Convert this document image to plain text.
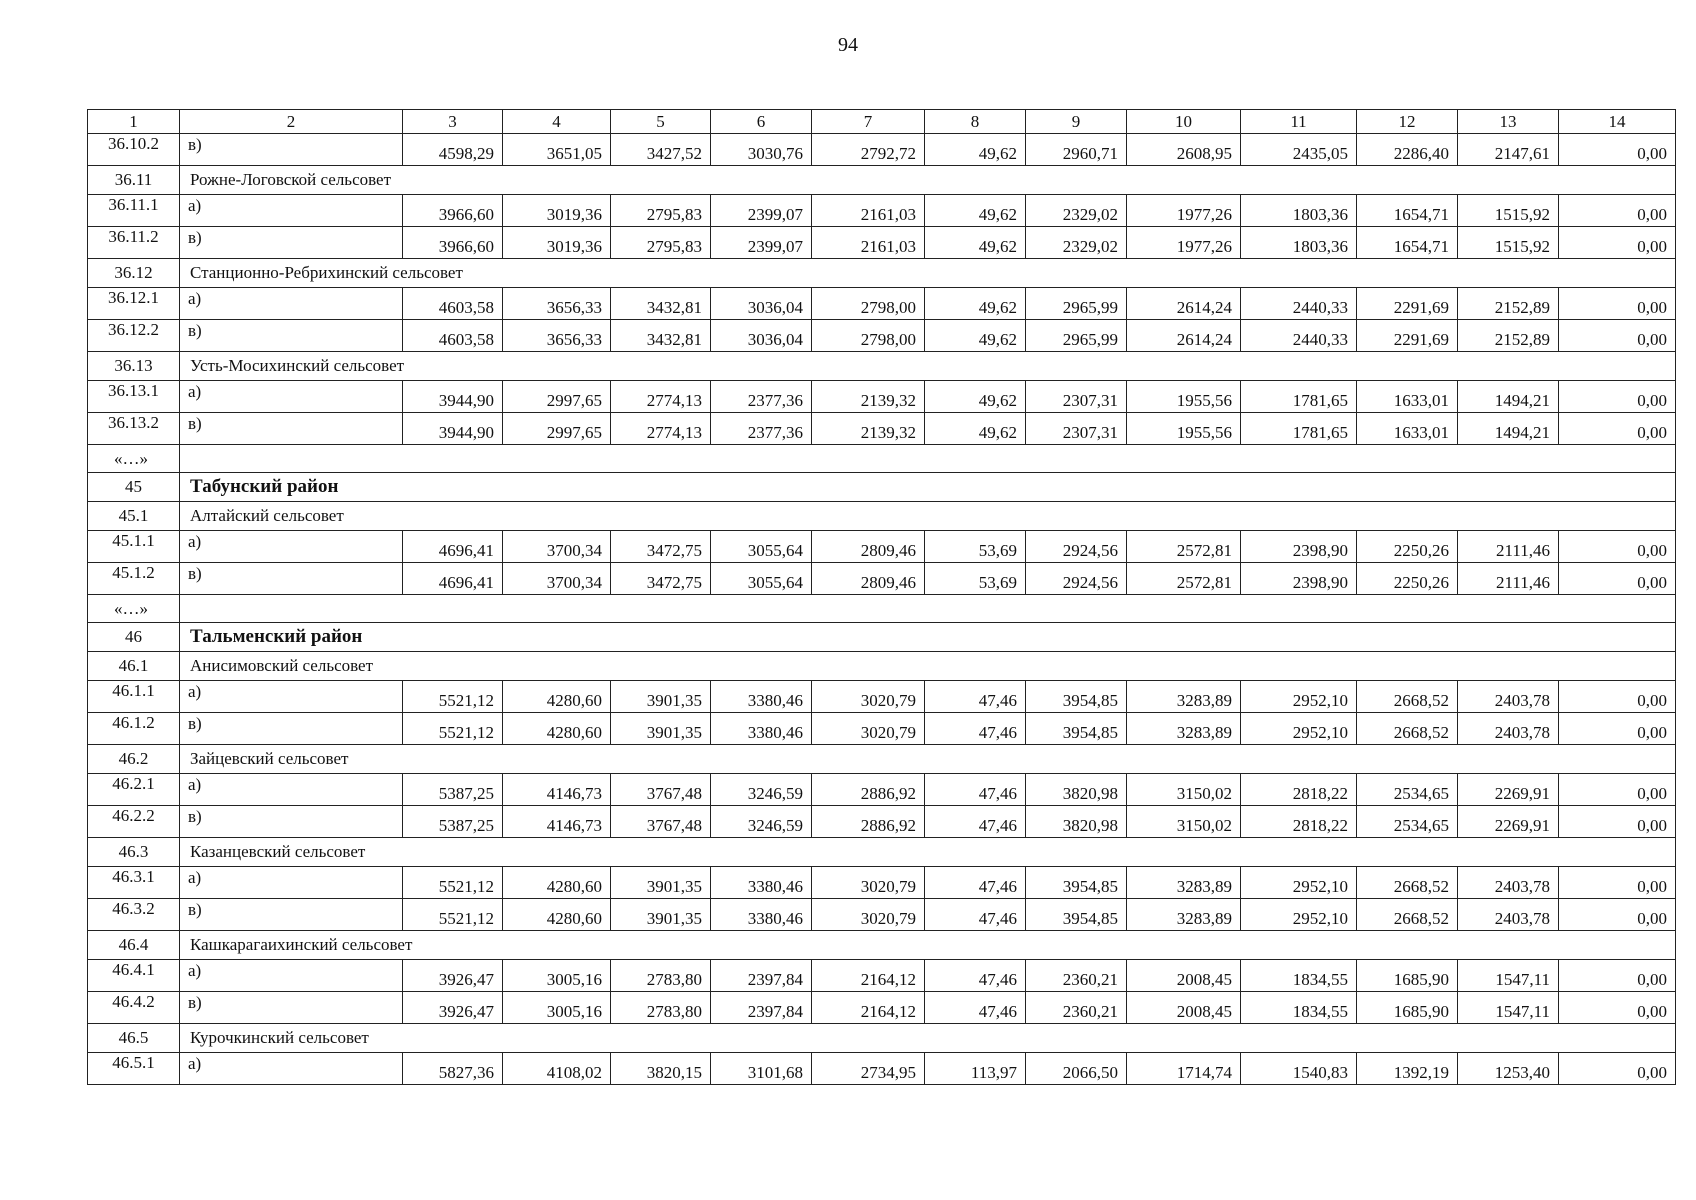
94
1	2	3	4	5	6	7	8	9	10	11	12	13	14
36.10.2	в)	4598,29	3651,05	3427,52	3030,76	2792,72	49,62	2960,71	2608,95	2435,05	2286,40	2147,61	0,00
36.11	Рожне-Логовской сельсовет												
36.11.1	а)	3966,60	3019,36	2795,83	2399,07	2161,03	49,62	2329,02	1977,26	1803,36	1654,71	1515,92	0,00
36.11.2	в)	3966,60	3019,36	2795,83	2399,07	2161,03	49,62	2329,02	1977,26	1803,36	1654,71	1515,92	0,00
36.12	Станционно-Ребрихинский сельсовет												
36.12.1	а)	4603,58	3656,33	3432,81	3036,04	2798,00	49,62	2965,99	2614,24	2440,33	2291,69	2152,89	0,00
36.12.2	в)	4603,58	3656,33	3432,81	3036,04	2798,00	49,62	2965,99	2614,24	2440,33	2291,69	2152,89	0,00
36.13	Усть-Мосихинский сельсовет												
36.13.1	а)	3944,90	2997,65	2774,13	2377,36	2139,32	49,62	2307,31	1955,56	1781,65	1633,01	1494,21	0,00
36.13.2	в)	3944,90	2997,65	2774,13	2377,36	2139,32	49,62	2307,31	1955,56	1781,65	1633,01	1494,21	0,00
«…»													
45	Табунский район												
45.1	Алтайский сельсовет												
45.1.1	а)	4696,41	3700,34	3472,75	3055,64	2809,46	53,69	2924,56	2572,81	2398,90	2250,26	2111,46	0,00
45.1.2	в)	4696,41	3700,34	3472,75	3055,64	2809,46	53,69	2924,56	2572,81	2398,90	2250,26	2111,46	0,00
«…»													
46	Тальменский район												
46.1	Анисимовский сельсовет												
46.1.1	а)	5521,12	4280,60	3901,35	3380,46	3020,79	47,46	3954,85	3283,89	2952,10	2668,52	2403,78	0,00
46.1.2	в)	5521,12	4280,60	3901,35	3380,46	3020,79	47,46	3954,85	3283,89	2952,10	2668,52	2403,78	0,00
46.2	Зайцевский сельсовет												
46.2.1	а)	5387,25	4146,73	3767,48	3246,59	2886,92	47,46	3820,98	3150,02	2818,22	2534,65	2269,91	0,00
46.2.2	в)	5387,25	4146,73	3767,48	3246,59	2886,92	47,46	3820,98	3150,02	2818,22	2534,65	2269,91	0,00
46.3	Казанцевский сельсовет												
46.3.1	а)	5521,12	4280,60	3901,35	3380,46	3020,79	47,46	3954,85	3283,89	2952,10	2668,52	2403,78	0,00
46.3.2	в)	5521,12	4280,60	3901,35	3380,46	3020,79	47,46	3954,85	3283,89	2952,10	2668,52	2403,78	0,00
46.4	Кашкарагаихинский сельсовет												
46.4.1	а)	3926,47	3005,16	2783,80	2397,84	2164,12	47,46	2360,21	2008,45	1834,55	1685,90	1547,11	0,00
46.4.2	в)	3926,47	3005,16	2783,80	2397,84	2164,12	47,46	2360,21	2008,45	1834,55	1685,90	1547,11	0,00
46.5	Курочкинский сельсовет												
46.5.1	а)	5827,36	4108,02	3820,15	3101,68	2734,95	113,97	2066,50	1714,74	1540,83	1392,19	1253,40	0,00
